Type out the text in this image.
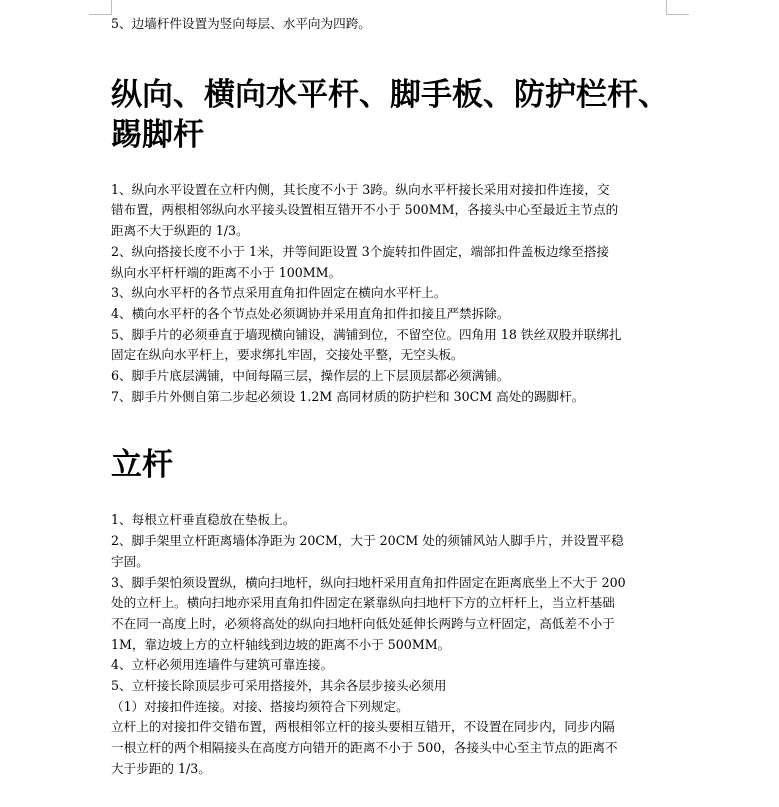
5、边墙杆件设置为竖向每层、水平向为四跨。

纵向、横向水平杆、脚手板、防护栏杆、
踢脚杆

1、纵向水平设置在立杆内侧，其长度不小于 3跨。纵向水平杆接长采用对接扣件连接，交

错布置，两根相邻纵向水平接头设置相互错开不小于 500MM，各接头中心至最近主节点的

距离不大于纵距的 1/3。

2、纵向搭接长度不小于 1米，并等间距设置 3个旋转扣件固定，端部扣件盖板边缘至搭接

纵向水平杆杆端的距离不小于 100MM。

3、纵向水平杆的各节点采用直角扣件固定在横向水平杆上。

4、横向水平杆的各个节点处必须调协并采用直角扣件扣接且严禁拆除。

5、脚手片的必须垂直于墙现横向铺设，满铺到位，不留空位。四角用 18 铁丝双股并联绑扎

固定在纵向水平杆上，要求绑扎牢固，交接处平整，无空头板。

6、脚手片底层满铺，中间每隔三层，操作层的上下层顶层都必须满铺。

7、脚手片外侧自第二步起必须设 1.2M 高同材质的防护栏和 30CM 高处的踢脚杆。

立杆

1、每根立杆垂直稳放在垫板上。

2、脚手架里立杆距离墙体净距为 20CM，大于 20CM 处的须铺风站人脚手片，并设置平稳

宇固。

3、脚手架怕须设置纵，横向扫地杆，纵向扫地杆采用直角扣件固定在距离底坐上不大于 200

处的立杆上。横向扫地亦采用直角扣件固定在紧靠纵向扫地杆下方的立杆杆上，当立杆基础

不在同一高度上时，必须将高处的纵向扫地杆向低处延伸长两跨与立杆固定，高低差不小于

1M，靠边坡上方的立杆轴线到边坡的距离不小于 500MM。

4、立杆必须用连墙件与建筑可靠连接。

5、立杆接长除顶层步可采用搭接外，其余各层步接头必须用

（1）对接扣件连接。对接、搭接均须符合下列规定。

立杆上的对接扣件交错布置，两根相邻立杆的接头要相互错开，不设置在同步内，同步内隔

一根立杆的两个相隔接头在高度方向错开的距离不小于 500，各接头中心至主节点的距离不

大于步距的 1/3。
